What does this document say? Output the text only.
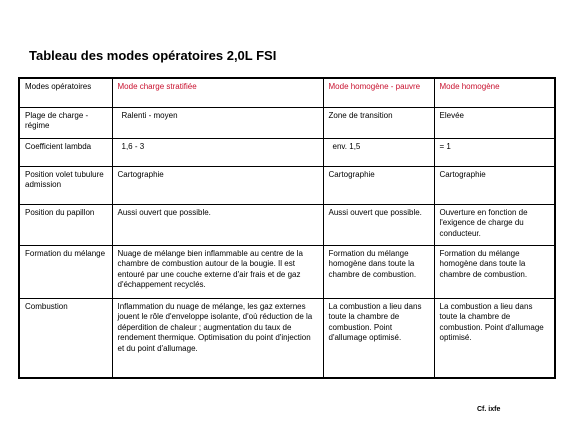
Tableau des modes opératoires 2,0L FSI
Modes opératoires	Mode charge stratifiée	Mode homogène - pauvre	Mode homogène
Plage de charge - régime	Ralenti - moyen	Zone de transition	Elevée
Coefficient lambda	1,6 - 3	env. 1,5	= 1
Position volet tubulure admission	Cartographie	Cartographie	Cartographie
Position du papillon	Aussi ouvert que possible.	Aussi ouvert que possible.	Ouverture en fonction de l'exigence de charge du conducteur.
Formation du mélange	Nuage de mélange bien inflammable au centre de la chambre de combustion autour de la bougie. Il est entouré par une couche externe d'air frais et de gaz d'échappement recyclés.	Formation du mélange homogène dans toute la chambre de combustion.	Formation du mélange homogène dans toute la chambre de combustion.
Combustion	Inflammation du nuage de mélange, les gaz externes jouent le rôle d'enveloppe isolante, d'où réduction de la déperdition de chaleur ; augmentation du taux de rendement thermique. Optimisation du point d'injection et du point d'allumage.	La combustion a lieu dans toute la chambre de combustion. Point d'allumage optimisé.	La combustion a lieu dans toute la chambre de combustion. Point d'allumage optimisé.
Cf. ixfe
